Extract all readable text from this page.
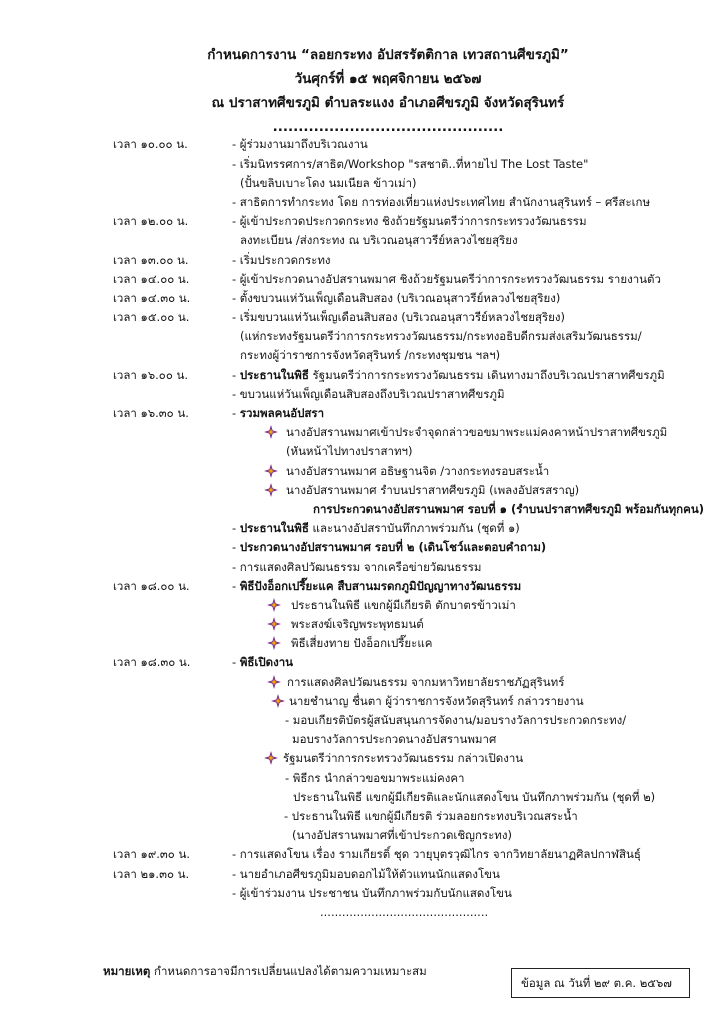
กำหนดการงาน “ลอยกระทง อัปสรรัตติกาล เทวสถานศีขรภูมิ”
วันศุกร์ที่ ๑๕ พฤศจิกายน ๒๕๖๗
ณ ปราสาทศีขรภูมิ ตำบลระแงง อำเภอศีขรภูมิ จังหวัดสุรินทร์
.............................................
เวลา ๑๐.๐๐ น.	- ผู้ร่วมงานมาถึงบริเวณงาน
- เริ่มนิทรรศการ/สาธิต/Workshop "รสชาติ..ที่หายไป The Lost Taste"
(ปั้นขลิบเบาะโดง นมเนียล ข้าวเม่า)
- สาธิตการทำกระทง โดย การท่องเที่ยวแห่งประเทศไทย สำนักงานสุรินทร์ – ศรีสะเกษ
เวลา ๑๒.๐๐ น.	- ผู้เข้าประกวดประกวดกระทง ชิงถ้วยรัฐมนตรีว่าการกระทรวงวัฒนธรรม
ลงทะเบียน /ส่งกระทง ณ บริเวณอนุสาวรีย์หลวงไชยสุริยง
เวลา ๑๓.๐๐ น.	- เริ่มประกวดกระทง
เวลา ๑๔.๐๐ น.	- ผู้เข้าประกวดนางอัปสรานพมาศ ชิงถ้วยรัฐมนตรีว่าการกระทรวงวัฒนธรรม รายงานตัว
เวลา ๑๔.๓๐ น.	- ตั้งขบวนแห่วันเพ็ญเดือนสิบสอง (บริเวณอนุสาวรีย์หลวงไชยสุริยง)
เวลา ๑๕.๐๐ น.	- เริ่มขบวนแห่วันเพ็ญเดือนสิบสอง (บริเวณอนุสาวรีย์หลวงไชยสุริยง)
(แห่กระทงรัฐมนตรีว่าการกระทรวงวัฒนธรรม/กระทงอธิบดีกรมส่งเสริมวัฒนธรรม/
กระทงผู้ว่าราชการจังหวัดสุรินทร์ /กระทงชุมชน ฯลฯ)
เวลา ๑๖.๐๐ น.	- ประธานในพิธี รัฐมนตรีว่าการกระทรวงวัฒนธรรม เดินทางมาถึงบริเวณปราสาทศีขรภูมิ
- ขบวนแห่วันเพ็ญเดือนสิบสองถึงบริเวณปราสาทศีขรภูมิ
เวลา ๑๖.๓๐ น.	- รวมพลคนอัปสรา
นางอัปสรานพมาศเข้าประจำจุดกล่าวขอขมาพระแม่คงคาหน้าปราสาทศีขรภูมิ
(หันหน้าไปทางปราสาทฯ)
นางอัปสรานพมาศ อธิษฐานจิต /วางกระทงรอบสระน้ำ
นางอัปสรานพมาศ รำบนปราสาทศีขรภูมิ (เพลงอัปสรสราญ)
การประกวดนางอัปสรานพมาศ รอบที่ ๑ (รำบนปราสาทศีขรภูมิ พร้อมกันทุกคน)
- ประธานในพิธี และนางอัปสราบันทึกภาพร่วมกัน (ชุดที่ ๑)
- ประกวดนางอัปสรานพมาศ รอบที่ ๒ (เดินโชว์และตอบคำถาม)
- การแสดงศิลปวัฒนธรรม จากเครือข่ายวัฒนธรรม
เวลา ๑๘.๐๐ น.	- พิธีปังอ็อกเปรี๊ยะแค สืบสานมรดกภูมิปัญญาทางวัฒนธรรม
ประธานในพิธี แขกผู้มีเกียรติ ตักบาตรข้าวเม่า
พระสงฆ์เจริญพระพุทธมนต์
พิธีเสี่ยงทาย ปังอ็อกเปรี๊ยะแค
เวลา ๑๘.๓๐ น.	- พิธีเปิดงาน
การแสดงศิลปวัฒนธรรม จากมหาวิทยาลัยราชภัฏสุรินทร์
นายชำนาญ ชื่นตา ผู้ว่าราชการจังหวัดสุรินทร์ กล่าวรายงาน
- มอบเกียรติบัตรผู้สนับสนุนการจัดงาน/มอบรางวัลการประกวดกระทง/
มอบรางวัลการประกวดนางอัปสรานพมาศ
รัฐมนตรีว่าการกระทรวงวัฒนธรรม กล่าวเปิดงาน
- พิธีกร นำกล่าวขอขมาพระแม่คงคา
ประธานในพิธี แขกผู้มีเกียรติและนักแสดงโขน บันทึกภาพร่วมกัน (ชุดที่ ๒)
- ประธานในพิธี แขกผู้มีเกียรติ ร่วมลอยกระทงบริเวณสระน้ำ
(นางอัปสรานพมาศที่เข้าประกวดเชิญกระทง)
เวลา ๑๙.๓๐ น.	- การแสดงโขน เรื่อง รามเกียรติ์ ชุด วายุบุตรวุฒิไกร จากวิทยาลัยนาฏศิลปกาฬสินธุ์
เวลา ๒๑.๓๐ น.	- นายอำเภอศีขรภูมิมอบดอกไม้ให้ตัวแทนนักแสดงโขน
- ผู้เข้าร่วมงาน ประชาชน บันทึกภาพร่วมกับนักแสดงโขน
..............................................
หมายเหตุ กำหนดการอาจมีการเปลี่ยนแปลงได้ตามความเหมาะสม
ข้อมูล ณ วันที่ ๒๙ ต.ค. ๒๕๖๗
